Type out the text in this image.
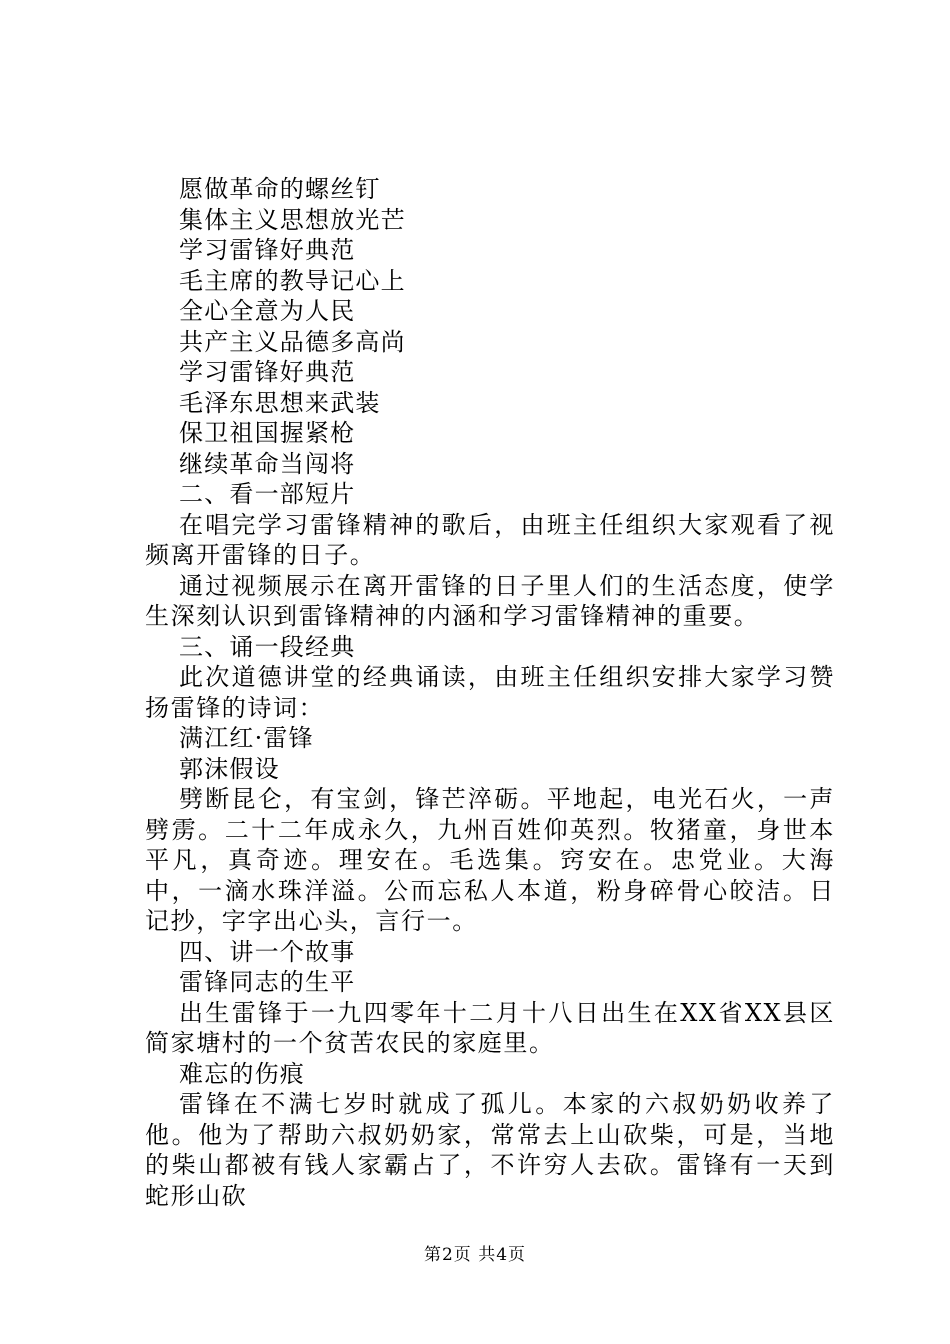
愿做革命的螺丝钉
集体主义思想放光芒
学习雷锋好典范
毛主席的教导记心上
全心全意为人民
共产主义品德多高尚
学习雷锋好典范
毛泽东思想来武装
保卫祖国握紧枪
继续革命当闯将
二、看一部短片
在唱完学习雷锋精神的歌后，由班主任组织大家观看了视频离开雷锋的日子。
通过视频展示在离开雷锋的日子里人们的生活态度，使学生深刻认识到雷锋精神的内涵和学习雷锋精神的重要。
三、诵一段经典
此次道德讲堂的经典诵读，由班主任组织安排大家学习赞扬雷锋的诗词：
满江红·雷锋
郭沫假设
劈断昆仑，有宝剑，锋芒淬砺。平地起，电光石火，一声劈雳。二十二年成永久，九州百姓仰英烈。牧猪童，身世本平凡，真奇迹。理安在。毛选集。窍安在。忠党业。大海中，一滴水珠洋溢。公而忘私人本道，粉身碎骨心皎洁。日记抄，字字出心头，言行一。
四、讲一个故事
雷锋同志的生平
出生雷锋于一九四零年十二月十八日出生在XX省XX县区简家塘村的一个贫苦农民的家庭里。
难忘的伤痕
雷锋在不满七岁时就成了孤儿。本家的六叔奶奶收养了他。他为了帮助六叔奶奶家，常常去上山砍柴，可是，当地的柴山都被有钱人家霸占了，不许穷人去砍。雷锋有一天到蛇形山砍
第2页 共4页
